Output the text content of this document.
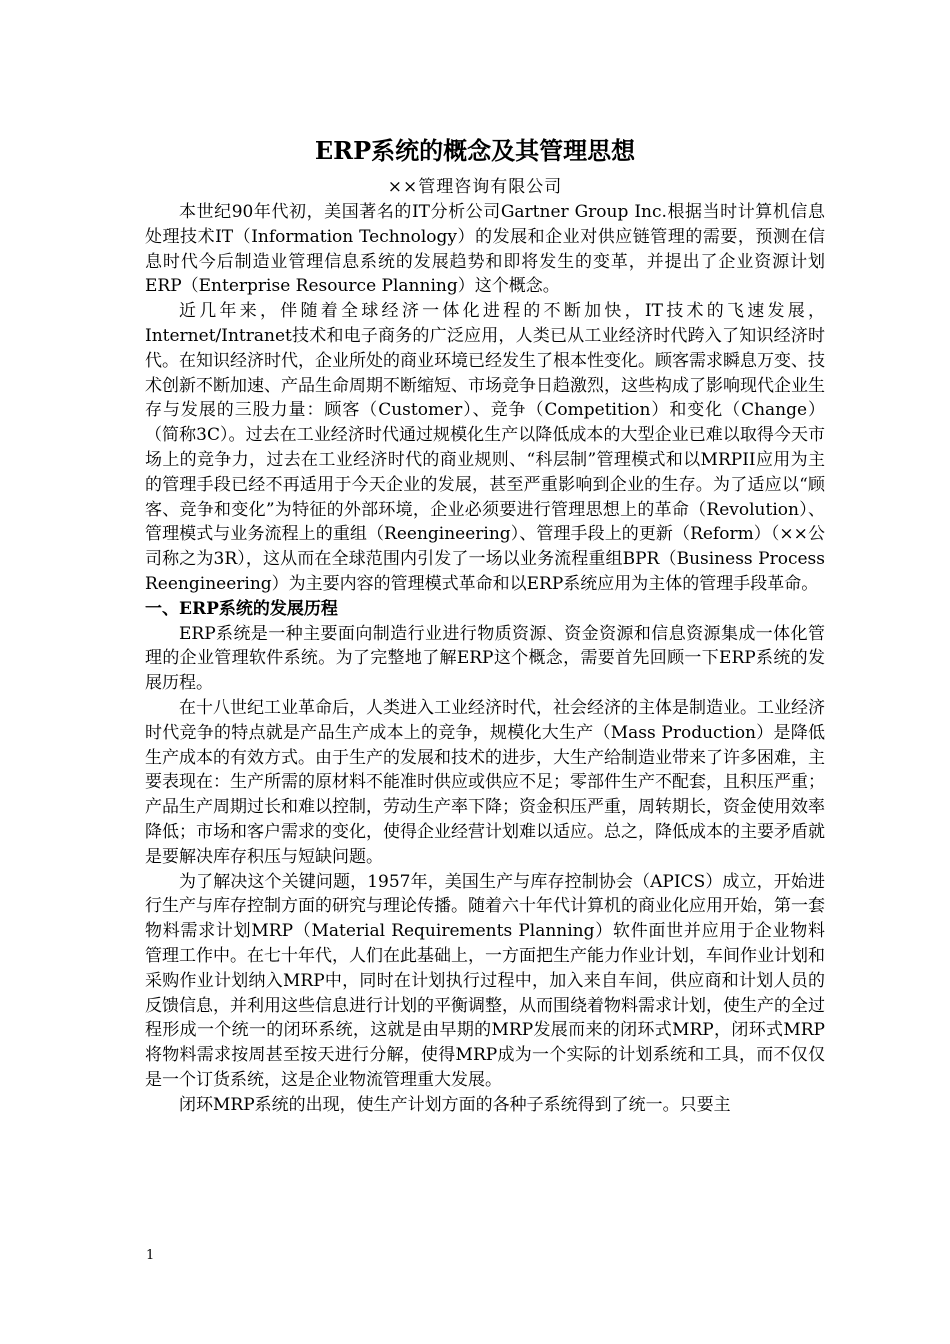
ERP系统的概念及其管理思想
××管理咨询有限公司

本世纪90年代初，美国著名的IT分析公司Gartner Group Inc.根据当时计算机信息处理技术IT（Information Technology）的发展和企业对供应链管理的需要，预测在信息时代今后制造业管理信息系统的发展趋势和即将发生的变革，并提出了企业资源计划ERP（Enterprise Resource Planning）这个概念。

近几年来，伴随着全球经济一体化进程的不断加快，IT技术的飞速发展，Internet/Intranet技术和电子商务的广泛应用，人类已从工业经济时代跨入了知识经济时代。在知识经济时代，企业所处的商业环境已经发生了根本性变化。顾客需求瞬息万变、技术创新不断加速、产品生命周期不断缩短、市场竞争日趋激烈，这些构成了影响现代企业生存与发展的三股力量：顾客（Customer）、竞争（Competition）和变化（Change）（简称3C）。过去在工业经济时代通过规模化生产以降低成本的大型企业已难以取得今天市场上的竞争力，过去在工业经济时代的商业规则、“科层制”管理模式和以MRPII应用为主的管理手段已经不再适用于今天企业的发展，甚至严重影响到企业的生存。为了适应以“顾客、竞争和变化”为特征的外部环境，企业必须要进行管理思想上的革命（Revolution）、管理模式与业务流程上的重组（Reengineering）、管理手段上的更新（Reform）（××公司称之为3R），这从而在全球范围内引发了一场以业务流程重组BPR（Business Process Reengineering）为主要内容的管理模式革命和以ERP系统应用为主体的管理手段革命。

一、ERP系统的发展历程

ERP系统是一种主要面向制造行业进行物质资源、资金资源和信息资源集成一体化管理的企业管理软件系统。为了完整地了解ERP这个概念，需要首先回顾一下ERP系统的发展历程。

在十八世纪工业革命后，人类进入工业经济时代，社会经济的主体是制造业。工业经济时代竞争的特点就是产品生产成本上的竞争，规模化大生产（Mass Production）是降低生产成本的有效方式。由于生产的发展和技术的进步，大生产给制造业带来了许多困难，主要表现在：生产所需的原材料不能准时供应或供应不足；零部件生产不配套，且积压严重；产品生产周期过长和难以控制，劳动生产率下降；资金积压严重，周转期长，资金使用效率降低；市场和客户需求的变化，使得企业经营计划难以适应。总之，降低成本的主要矛盾就是要解决库存积压与短缺问题。

为了解决这个关键问题，1957年，美国生产与库存控制协会（APICS）成立，开始进行生产与库存控制方面的研究与理论传播。随着六十年代计算机的商业化应用开始，第一套物料需求计划MRP（Material Requirements Planning）软件面世并应用于企业物料管理工作中。在七十年代，人们在此基础上，一方面把生产能力作业计划，车间作业计划和采购作业计划纳入MRP中，同时在计划执行过程中，加入来自车间，供应商和计划人员的反馈信息，并利用这些信息进行计划的平衡调整，从而围绕着物料需求计划，使生产的全过程形成一个统一的闭环系统，这就是由早期的MRP发展而来的闭环式MRP，闭环式MRP将物料需求按周甚至按天进行分解，使得MRP成为一个实际的计划系统和工具，而不仅仅是一个订货系统，这是企业物流管理重大发展。

闭环MRP系统的出现，使生产计划方面的各种子系统得到了统一。只要主

1
